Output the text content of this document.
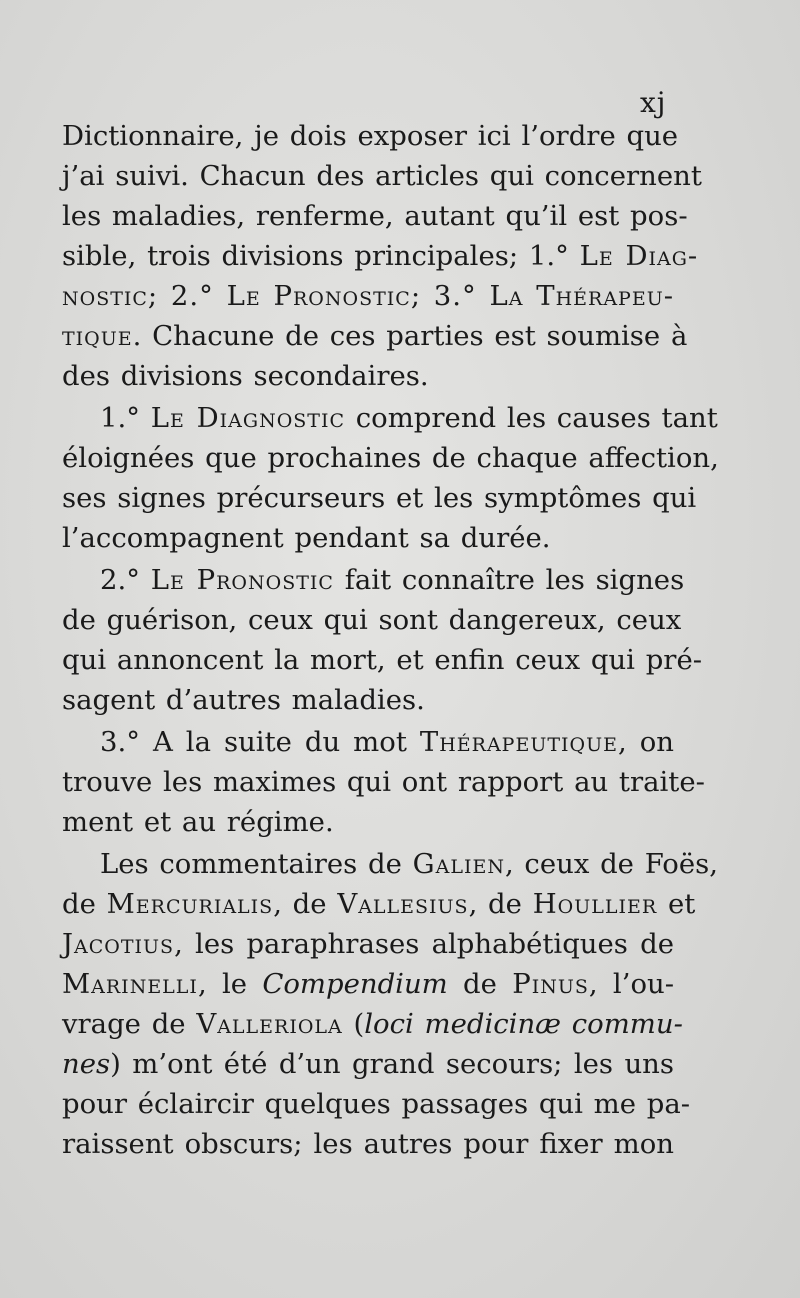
xj
Dictionnaire, je dois exposer ici l’ordre que
j’ai suivi. Chacun des articles qui concernent
les maladies, renferme, autant qu’il est pos-
sible, trois divisions principales; 1.° Le Diag-
nostic; 2.° Le Pronostic; 3.° La Thérapeu-
tique. Chacune de ces parties est soumise à
des divisions secondaires.
1.° Le Diagnostic comprend les causes tant
éloignées que prochaines de chaque affection,
ses signes précurseurs et les symptômes qui
l’accompagnent pendant sa durée.
2.° Le Pronostic fait connaître les signes
de guérison, ceux qui sont dangereux, ceux
qui annoncent la mort, et enfin ceux qui pré-
sagent d’autres maladies.
3.° A la suite du mot Thérapeutique, on
trouve les maximes qui ont rapport au traite-
ment et au régime.
Les commentaires de Galien, ceux de Foës,
de Mercurialis, de Vallesius, de Houllier et
Jacotius, les paraphrases alphabétiques de
Marinelli, le Compendium de Pinus, l’ou-
vrage de Valleriola (loci medicinæ commu-
nes) m’ont été d’un grand secours; les uns
pour éclaircir quelques passages qui me pa-
raissent obscurs; les autres pour fixer mon
